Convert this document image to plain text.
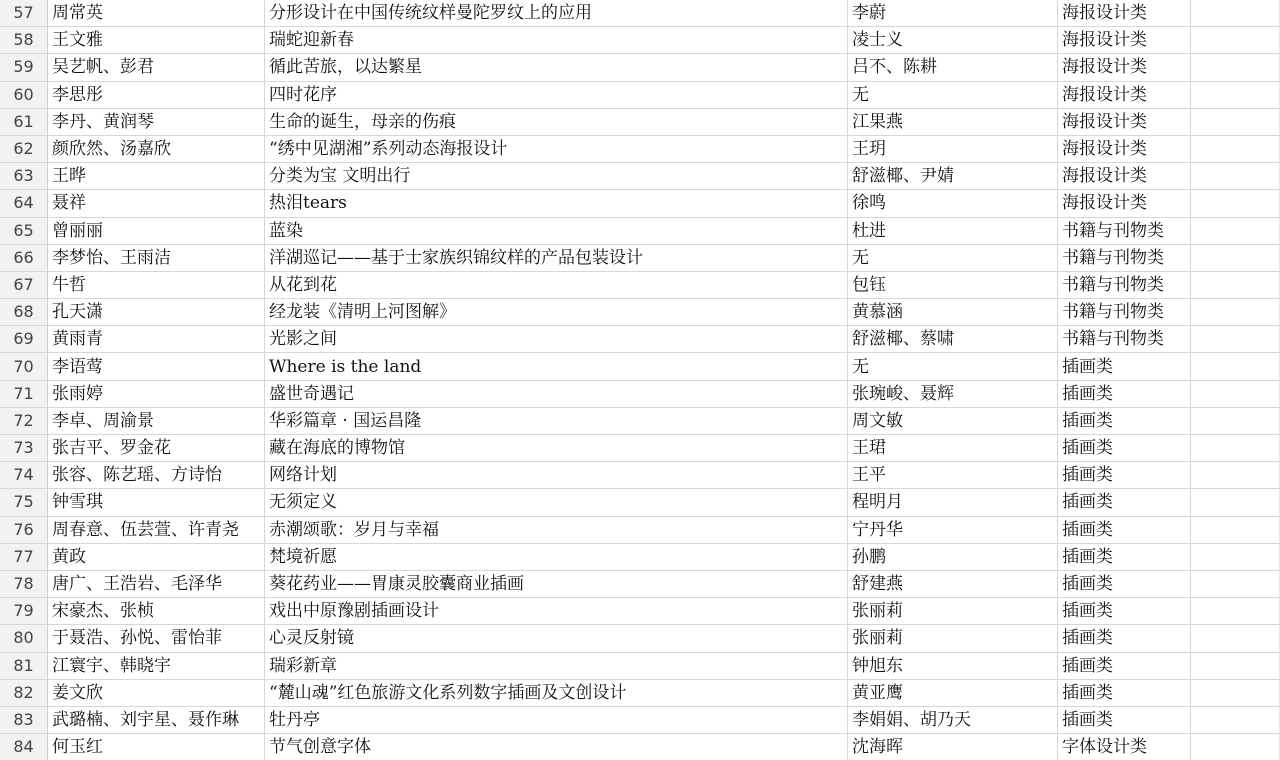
57	周常英	分形设计在中国传统纹样曼陀罗纹上的应用	李蔚	海报设计类
58	王文雅	瑞蛇迎新春	凌士义	海报设计类
59	吴艺帆、彭君	循此苦旅，以达繁星	吕不、陈耕	海报设计类
60	李思彤	四时花序	无	海报设计类
61	李丹、黄润琴	生命的诞生，母亲的伤痕	江果燕	海报设计类
62	颜欣然、汤嘉欣	“绣中见湖湘”系列动态海报设计	王玥	海报设计类
63	王晔	分类为宝 文明出行	舒滋椰、尹婧	海报设计类
64	聂祥	热泪tears	徐鸣	海报设计类
65	曾丽丽	蓝染	杜进	书籍与刊物类
66	李梦怡、王雨洁	洋湖巡记——基于士家族织锦纹样的产品包装设计	无	书籍与刊物类
67	牛哲	从花到花	包钰	书籍与刊物类
68	孔天潇	经龙装《清明上河图解》	黄慕涵	书籍与刊物类
69	黄雨青	光影之间	舒滋椰、蔡啸	书籍与刊物类
70	李语莺	Where is the land	无	插画类
71	张雨婷	盛世奇遇记	张琬峻、聂辉	插画类
72	李卓、周渝景	华彩篇章 · 国运昌隆	周文敏	插画类
73	张吉平、罗金花	藏在海底的博物馆	王珺	插画类
74	张容、陈艺瑶、方诗怡	网络计划	王平	插画类
75	钟雪琪	无须定义	程明月	插画类
76	周春意、伍芸萱、许青尧	赤潮颂歌：岁月与幸福	宁丹华	插画类
77	黄政	梵境祈愿	孙鹏	插画类
78	唐广、王浩岩、毛泽华	葵花药业——胃康灵胶囊商业插画	舒建燕	插画类
79	宋豪杰、张桢	戏出中原豫剧插画设计	张丽莉	插画类
80	于聂浩、孙悦、雷怡菲	心灵反射镜	张丽莉	插画类
81	江寰宇、韩晓宇	瑞彩新章	钟旭东	插画类
82	姜文欣	“麓山魂”红色旅游文化系列数字插画及文创设计	黄亚鹰	插画类
83	武璐楠、刘宇星、聂作琳	牡丹亭	李娟娟、胡乃天	插画类
84	何玉红	节气创意字体	沈海晖	字体设计类
